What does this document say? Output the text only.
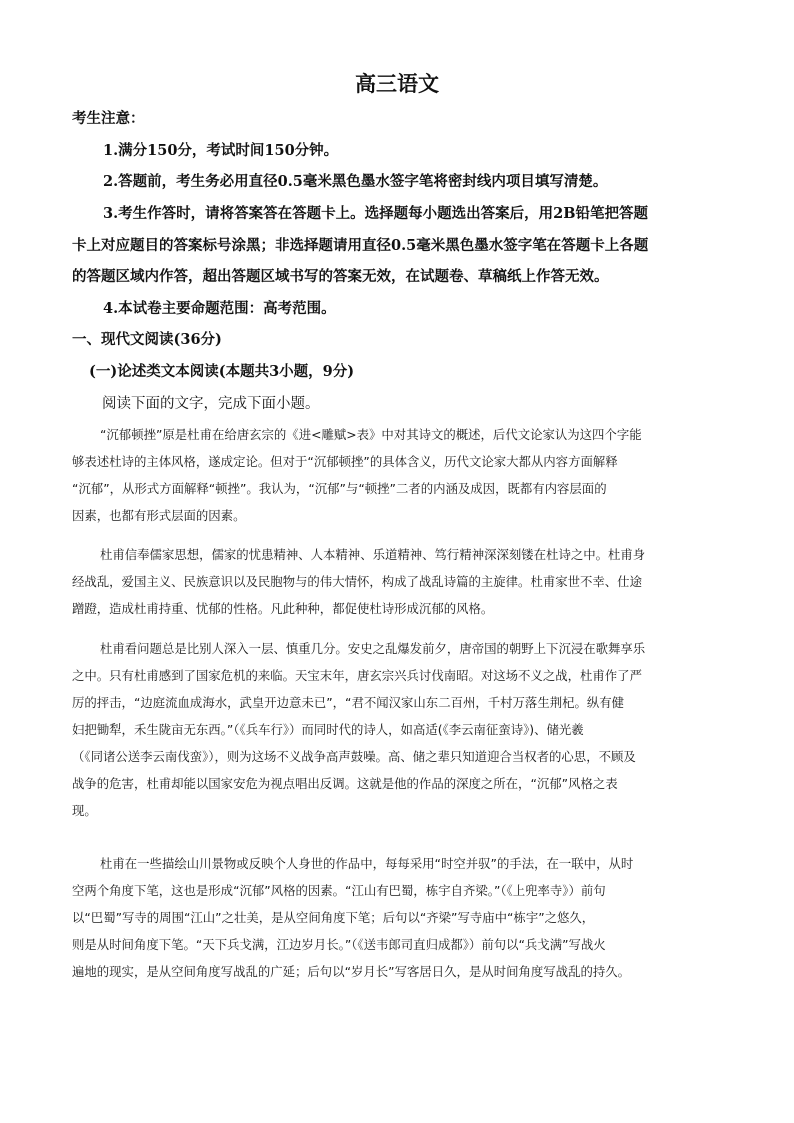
高三语文
考生注意：
1.满分150分，考试时间150分钟。
2.答题前，考生务必用直径0.5毫米黑色墨水签字笔将密封线内项目填写清楚。
3.考生作答时，请将答案答在答题卡上。选择题每小题选出答案后，用2B铅笔把答题
卡上对应题目的答案标号涂黑；非选择题请用直径0.5毫米黑色墨水签字笔在答题卡上各题
的答题区域内作答，超出答题区域书写的答案无效，在试题卷、草稿纸上作答无效。
4.本试卷主要命题范围：高考范围。
一、现代文阅读(36分)
(一)论述类文本阅读(本题共3小题，9分)
阅读下面的文字，完成下面小题。
“沉郁顿挫”原是杜甫在给唐玄宗的《进<雕赋>表》中对其诗文的概述，后代文论家认为这四个字能
够表述杜诗的主体风格，遂成定论。但对于“沉郁顿挫”的具体含义，历代文论家大都从内容方面解释
“沉郁”，从形式方面解释“顿挫”。我认为，“沉郁”与“顿挫”二者的内涵及成因，既都有内容层面的
因素，也都有形式层面的因素。
杜甫信奉儒家思想，儒家的忧患精神、人本精神、乐道精神、笃行精神深深刻镂在杜诗之中。杜甫身
经战乱，爱国主义、民族意识以及民胞物与的伟大情怀，构成了战乱诗篇的主旋律。杜甫家世不幸、仕途
蹭蹬，造成杜甫持重、忧郁的性格。凡此种种，都促使杜诗形成沉郁的风格。
杜甫看问题总是比别人深入一层、慎重几分。安史之乱爆发前夕，唐帝国的朝野上下沉浸在歌舞享乐
之中。只有杜甫感到了国家危机的来临。天宝末年，唐玄宗兴兵讨伐南昭。对这场不义之战，杜甫作了严
厉的抨击，“边庭流血成海水，武皇开边意未已”，“君不闻汉家山东二百州，千村万落生荆杞。纵有健
妇把锄犁，禾生陇亩无东西。”（《兵车行》）而同时代的诗人，如高适(《李云南征蛮诗》)、储光羲
（《同诸公送李云南伐蛮》），则为这场不义战争高声鼓噪。高、储之辈只知道迎合当权者的心思，不顾及
战争的危害，杜甫却能以国家安危为视点唱出反调。这就是他的作品的深度之所在，“沉郁”风格之表
现。
杜甫在一些描绘山川景物或反映个人身世的作品中，每每采用“时空并驭”的手法，在一联中，从时
空两个角度下笔，这也是形成“沉郁”风格的因素。“江山有巴蜀，栋宇自齐梁。”（《上兜率寺》）前句
以“巴蜀”写寺的周围“江山”之壮美，是从空间角度下笔；后句以“齐梁”写寺庙中“栋宇”之悠久，
则是从时间角度下笔。“天下兵戈满，江边岁月长。”（《送韦郎司直归成都》）前句以“兵戈满”写战火
遍地的现实，是从空间角度写战乱的广延；后句以“岁月长”写客居日久，是从时间角度写战乱的持久。
